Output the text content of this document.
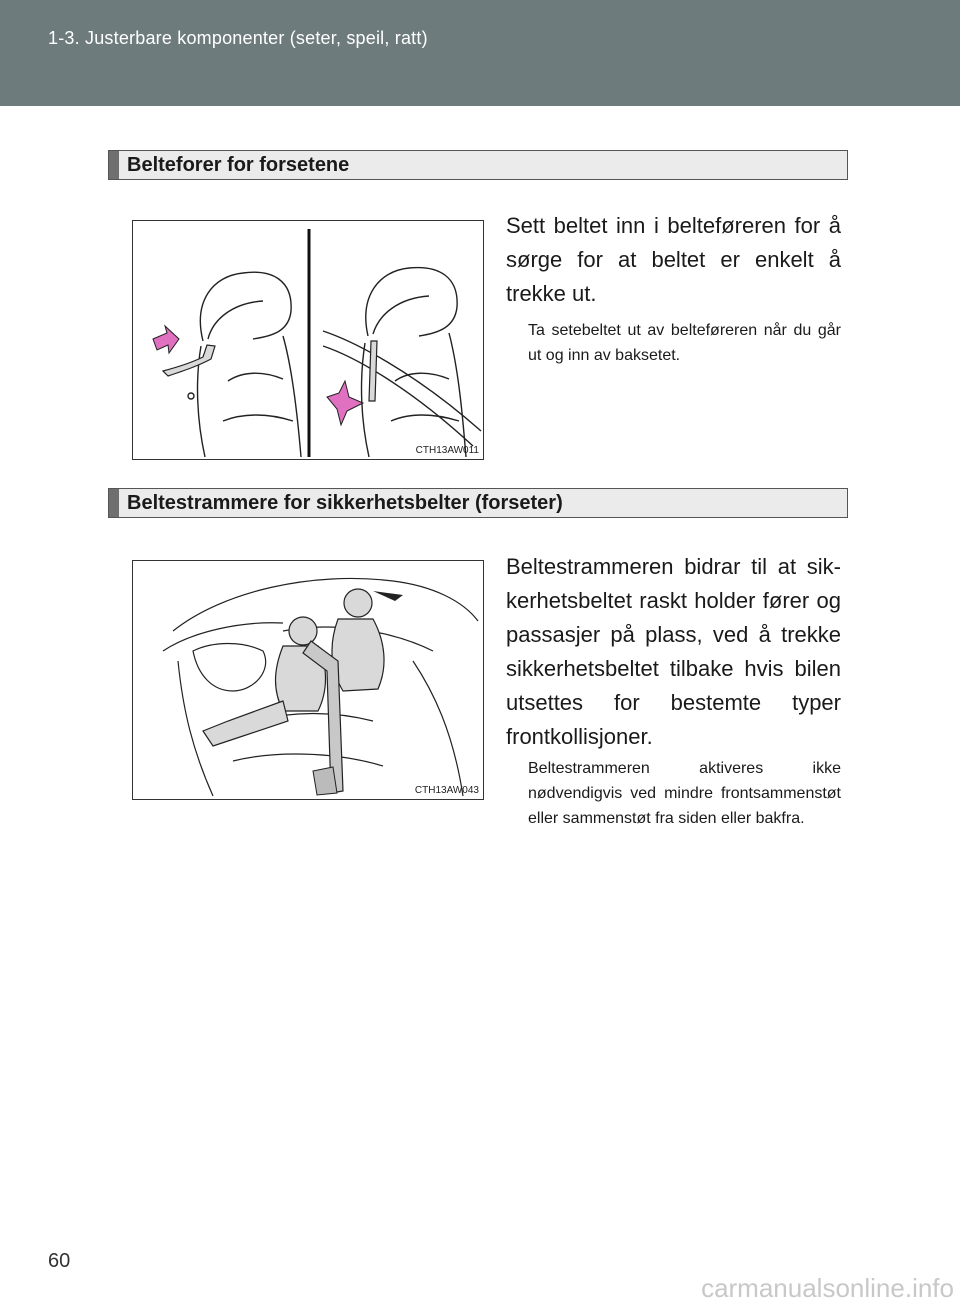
1-3. Justerbare komponenter (seter, speil, ratt)
Belteforer for forsetene
CTH13AW011
Sett beltet inn i belteføreren for å sørge for at beltet er enkelt å trekke ut.
Ta setebeltet ut av belteføreren når du går ut og inn av baksetet.
Beltestrammere for sikkerhetsbelter (forseter)
CTH13AW043
Beltestrammeren bidrar til at sikkerhetsbeltet raskt holder fører og passasjer på plass, ved å trekke sikkerhetsbeltet tilbake hvis bilen utsettes for bestemte typer frontkollisjoner.
Beltestrammeren aktiveres ikke nødvendigvis ved mindre frontsammenstøt eller sammenstøt fra siden eller bakfra.
60
carmanualsonline.info
